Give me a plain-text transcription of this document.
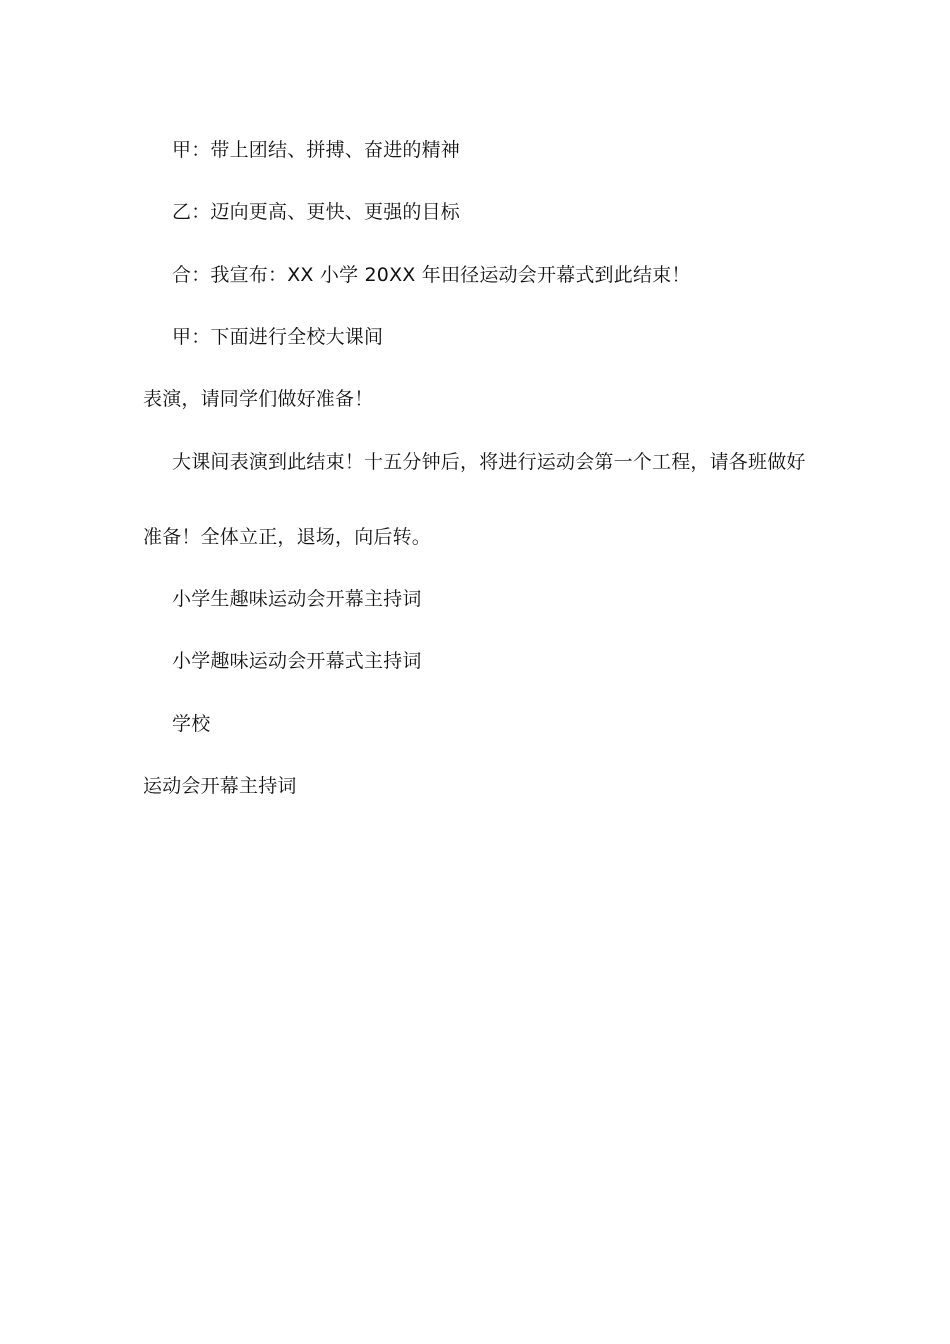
甲：带上团结、拼搏、奋进的精神
乙：迈向更高、更快、更强的目标
合：我宣布：XX 小学 20XX 年田径运动会开幕式到此结束！
甲：下面进行全校大课间
表演，请同学们做好准备！
大课间表演到此结束！十五分钟后，将进行运动会第一个工程，请各班做好
准备！全体立正，退场，向后转。
小学生趣味运动会开幕主持词
小学趣味运动会开幕式主持词
学校
运动会开幕主持词
